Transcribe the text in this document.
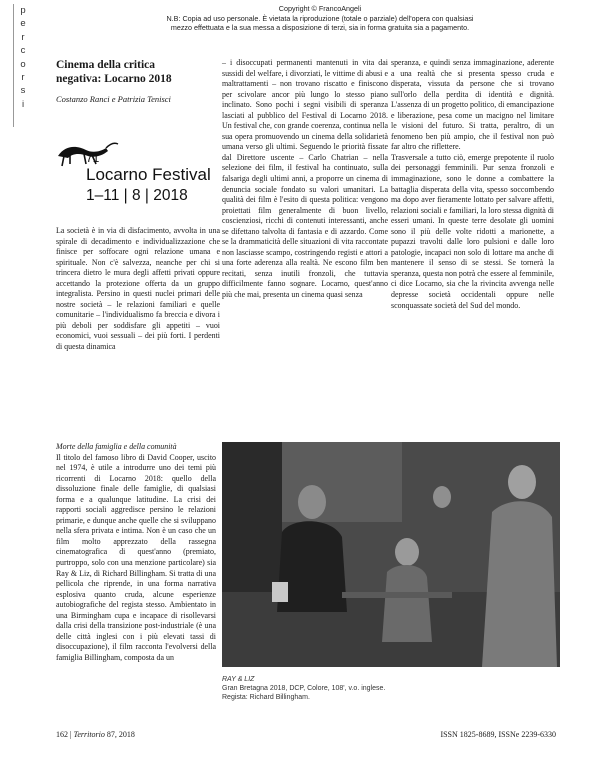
Copyright © FrancoAngeli
N.B: Copia ad uso personale. È vietata la riproduzione (totale o parziale) dell'opera con qualsiasi
mezzo effettuata e la sua messa a disposizione di terzi, sia in forma gratuita sia a pagamento.
p
e
r
c
o
r
s
i
Cinema della critica
negativa: Locarno 2018
Costanzo Ranci e Patrizia Tenisci
71
Locarno Festival
1–11 | 8 | 2018

La società è in via di disfacimento, avvolta in una spirale di decadimento e individualizzazione che finisce per soffocare ogni relazione umana e spirituale. Non c'è salvezza, neanche per chi si trincera dietro le mura degli affetti privati oppure accettando la protezione offerta da un gruppo integralista. Persino in questi nuclei primari delle nostre società – le relazioni familiari e quelle comunitarie – l'individualismo fa breccia e divora i più deboli per soddisfare gli appetiti – vuoi economici, vuoi sessuali – dei più forti. I perdenti di questa dinamica

– i disoccupati permanenti mantenuti in vita dai sussidi del welfare, i divorziati, le vittime di abusi e maltrattamenti – non trovano riscatto e finiscono per scivolare ancor più lungo lo stesso piano inclinato. Sono pochi i segni visibili di speranza lasciati al pubblico del Festival di Locarno 2018. Un festival che, con grande coerenza, continua nella sua opera promuovendo un cinema della solidarietà umana verso gli ultimi. Seguendo le priorità fissate dal Direttore uscente – Carlo Chatrian – nella selezione dei film, il festival ha continuato, sulla falsariga degli ultimi anni, a proporre un cinema di denuncia sociale fondato su valori umanitari. La qualità dei film è l'esito di questa politica: vengono proiettati film generalmente di buon livello, coscienziosi, ricchi di contenuti interessanti, anche se difettano talvolta di fantasia e di azzardo. Come se la drammaticità delle situazioni di vita raccontate non lasciasse scampo, costringendo registi e attori a una forte aderenza alla realtà. Ne escono film ben recitati, senza inutili fronzoli, che tuttavia difficilmente fanno sognare. Locarno, quest'anno più che mai, presenta un cinema quasi senza

speranza, e quindi senza immaginazione, aderente a una realtà che si presenta spesso cruda e disperata, vissuta da persone che si trovano sull'orlo della perdita di identità e dignità. L'assenza di un progetto politico, di emancipazione e liberazione, pesa come un macigno nel limitare le visioni del futuro. Si tratta, peraltro, di un fenomeno ben più ampio, che il festival non può far altro che riflettere.

Trasversale a tutto ciò, emerge prepotente il ruolo dei personaggi femminili. Pur senza fronzoli e immaginazione, sono le donne a combattere la battaglia disperata della vita, spesso soccombendo ma dopo aver fieramente lottato per salvare affetti, relazioni sociali e familiari, la loro stessa dignità di esseri umani. In queste terre desolate gli uomini sono il più delle volte ridotti a marionette, a pupazzi travolti dalle loro pulsioni e dalle loro patologie, incapaci non solo di lottare ma anche di mantenere il senso di se stessi. Se tornerà la speranza, questa non potrà che essere al femminile, ci dice Locarno, sia che la rivincita avvenga nelle depresse società occidentali oppure nelle sconquassate società del Sud del mondo.

Morte della famiglia e della comunità

Il titolo del famoso libro di David Cooper, uscito nel 1974, è utile a introdurre uno dei temi più ricorrenti di Locarno 2018: quello della dissoluzione finale delle famiglie, di qualsiasi forma e a qualunque latitudine. La crisi dei rapporti sociali aggredisce persino le relazioni primarie, e dunque anche quelle che si sviluppano nella sfera privata e intima. Non è un caso che un film molto apprezzato della rassegna cinematografica di quest'anno (premiato, purtroppo, solo con una menzione particolare) sia Ray & Liz, di Richard Billingham. Si tratta di una pellicola che riprende, in una forma narrativa esplosiva quanto cruda, alcune esperienze autobiografiche del regista stesso. Ambientato in una Birmingham cupa e incapace di risollevarsi dalla crisi della transizione post-industriale (è una delle città inglesi con i più elevati tassi di disoccupazione), il film racconta l'evolversi della famiglia Billingham, composta da un

RAY & LIZ
Gran Bretagna 2018, DCP, Colore, 108', v.o. inglese.
Regista: Richard Billingham.
162 | Territorio 87, 2018	ISSN 1825-8689, ISSNe 2239-6330
